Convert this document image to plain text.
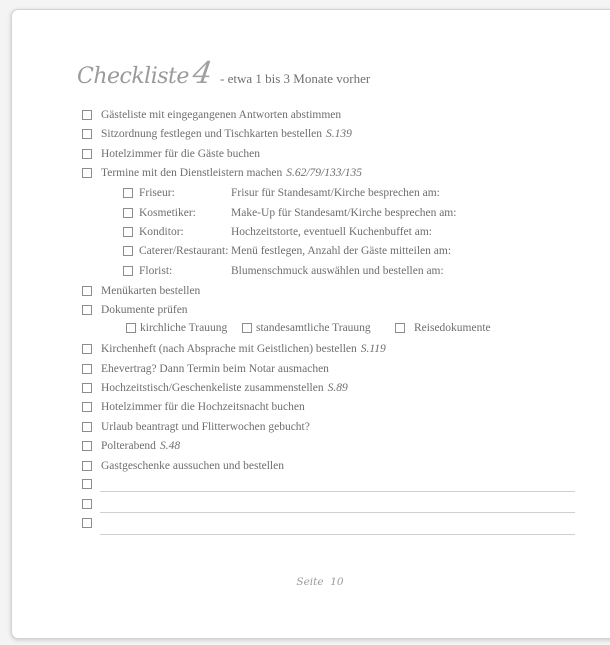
Checkliste 4 - etwa 1 bis 3 Monate vorher
Gästeliste mit eingegangenen Antworten abstimmen
Sitzordnung festlegen und Tischkarten bestellen S.139
Hotelzimmer für die Gäste buchen
Termine mit den Dienstleistern machen S.62/79/133/135
Friseur:	Frisur für Standesamt/Kirche besprechen am:
Kosmetiker:	Make-Up für Standesamt/Kirche besprechen am:
Konditor:	Hochzeitstorte, eventuell Kuchenbuffet am:
Caterer/Restaurant: Menü festlegen, Anzahl der Gäste mitteilen am:
Florist:	Blumenschmuck auswählen und bestellen am:
Menükarten bestellen
Dokumente prüfen
kirchliche Trauung	standesamtliche Trauung	Reisedokumente
Kirchenheft (nach Absprache mit Geistlichen) bestellen S.119
Ehevertrag? Dann Termin beim Notar ausmachen
Hochzeitstisch/Geschenkeliste zusammenstellen S.89
Hotelzimmer für die Hochzeitsnacht buchen
Urlaub beantragt und Flitterwochen gebucht?
Polterabend S.48
Gastgeschenke aussuchen und bestellen
Seite  10
